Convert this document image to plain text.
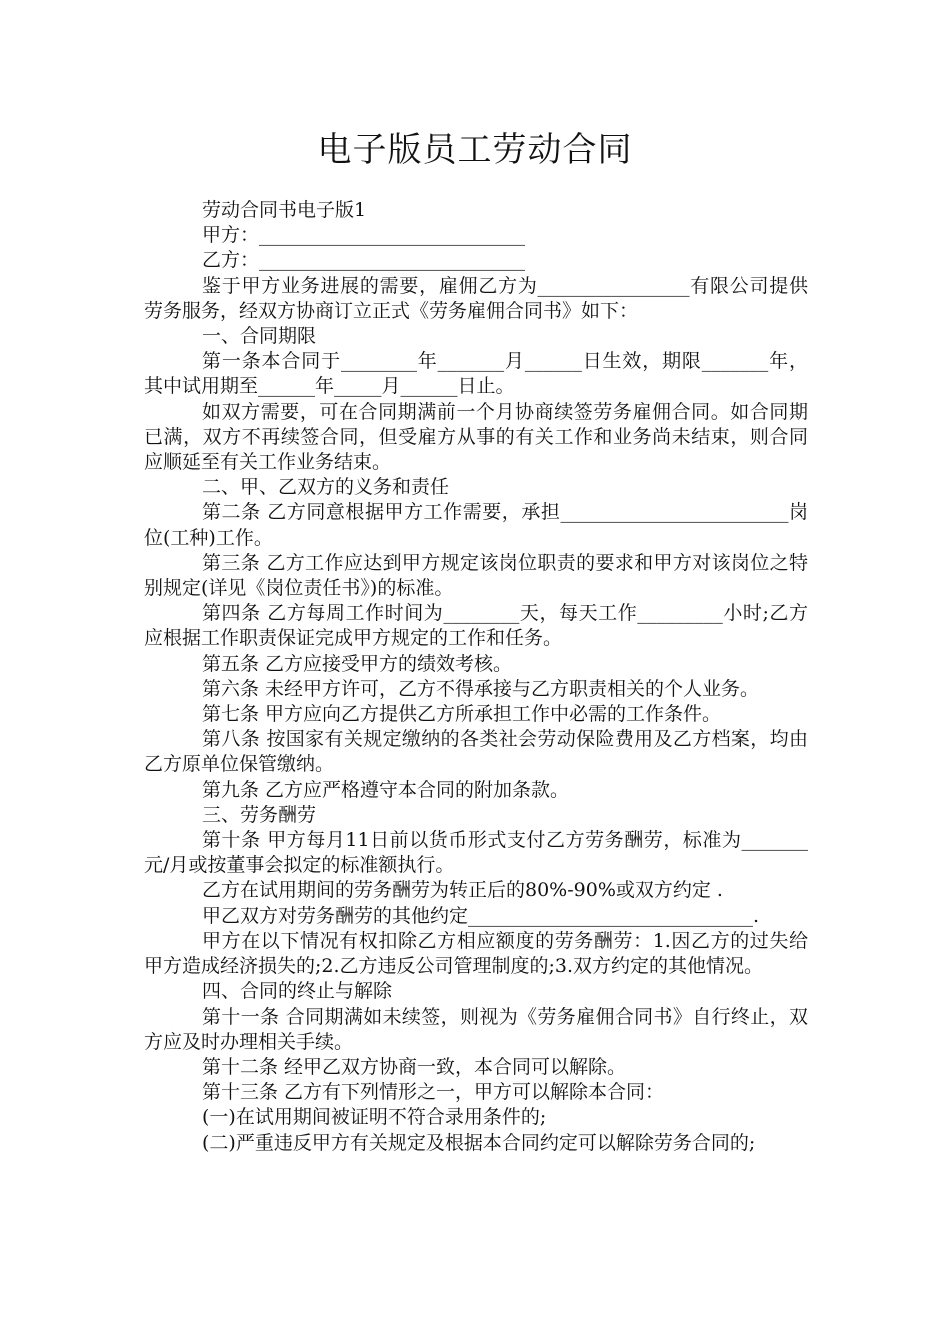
电子版员工劳动合同

劳动合同书电子版1

甲方：____________________________

乙方：____________________________

鉴于甲方业务进展的需要，雇佣乙方为________________有限公司提供劳务服务，经双方协商订立正式《劳务雇佣合同书》如下：

一、合同期限

第一条本合同于________年_______月______日生效，期限_______年，其中试用期至______年_____月______日止。

如双方需要，可在合同期满前一个月协商续签劳务雇佣合同。如合同期已满，双方不再续签合同，但受雇方从事的有关工作和业务尚未结束，则合同应顺延至有关工作业务结束。

二、甲、乙双方的义务和责任

第二条 乙方同意根据甲方工作需要，承担________________________岗位(工种)工作。

第三条 乙方工作应达到甲方规定该岗位职责的要求和甲方对该岗位之特别规定(详见《岗位责任书》)的标准。

第四条 乙方每周工作时间为________天，每天工作_________小时;乙方应根据工作职责保证完成甲方规定的工作和任务。

第五条 乙方应接受甲方的绩效考核。

第六条 未经甲方许可，乙方不得承接与乙方职责相关的个人业务。

第七条 甲方应向乙方提供乙方所承担工作中必需的工作条件。

第八条 按国家有关规定缴纳的各类社会劳动保险费用及乙方档案，均由乙方原单位保管缴纳。

第九条 乙方应严格遵守本合同的附加条款。

三、劳务酬劳

第十条 甲方每月11日前以货币形式支付乙方劳务酬劳，标准为_______元/月或按董事会拟定的标准额执行。

乙方在试用期间的劳务酬劳为转正后的80%-90%或双方约定 .

甲乙双方对劳务酬劳的其他约定______________________________.

甲方在以下情况有权扣除乙方相应额度的劳务酬劳：1.因乙方的过失给甲方造成经济损失的;2.乙方违反公司管理制度的;3.双方约定的其他情况。

四、合同的终止与解除

第十一条 合同期满如未续签，则视为《劳务雇佣合同书》自行终止，双方应及时办理相关手续。

第十二条 经甲乙双方协商一致，本合同可以解除。

第十三条 乙方有下列情形之一，甲方可以解除本合同：

(一)在试用期间被证明不符合录用条件的;

(二)严重违反甲方有关规定及根据本合同约定可以解除劳务合同的;
